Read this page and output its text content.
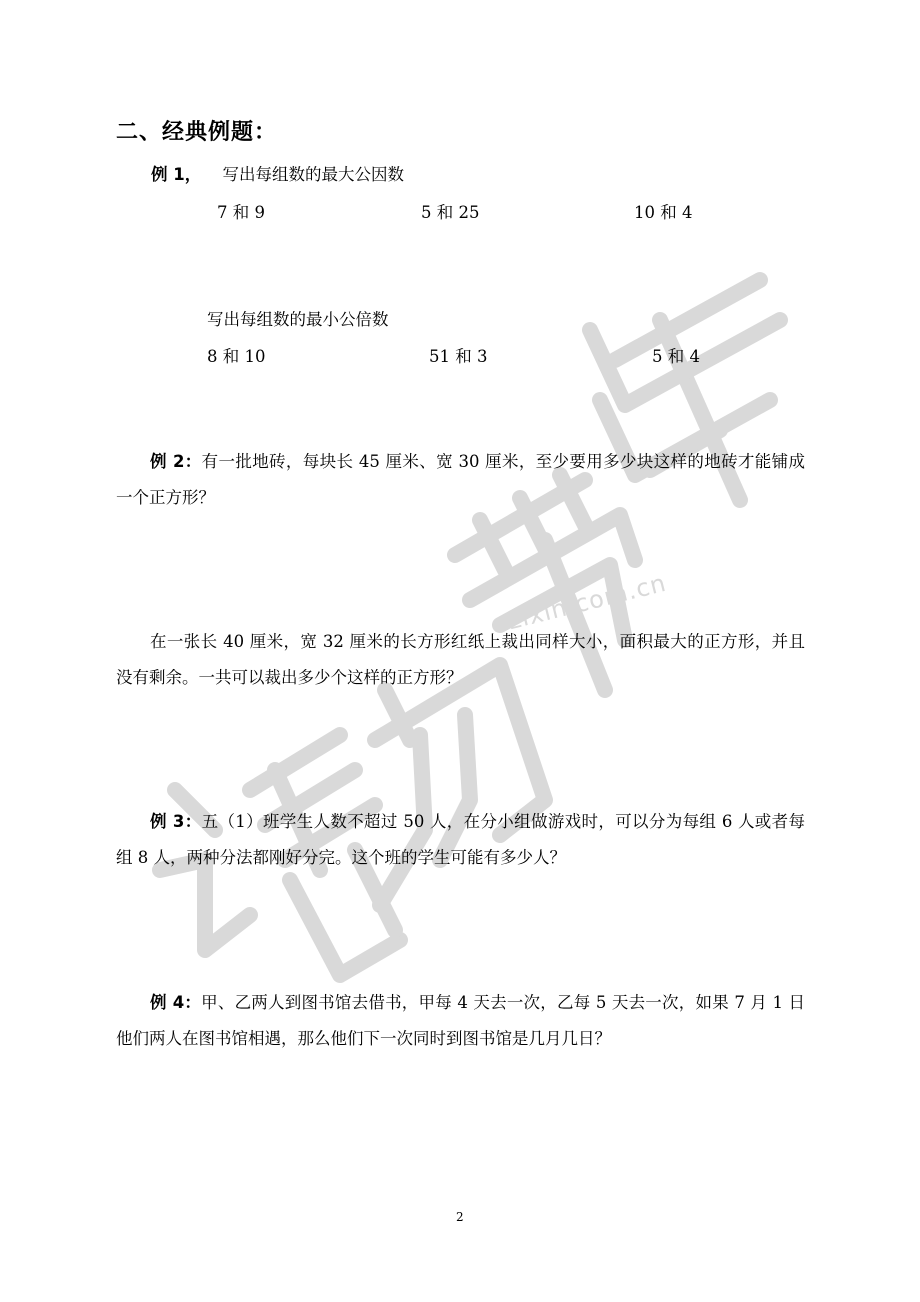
zixin.com.cn
二、经典例题：
例 1， 写出每组数的最大公因数
7 和 9	5 和 25	10 和 4
写出每组数的最小公倍数
8 和 10	51 和 3	5 和 4
例 2：有一批地砖，每块长 45 厘米、宽 30 厘米，至少要用多少块这样的地砖才能铺成一个正方形？
在一张长 40 厘米，宽 32 厘米的长方形红纸上裁出同样大小，面积最大的正方形，并且没有剩余。一共可以裁出多少个这样的正方形？
例 3：五（1）班学生人数不超过 50 人，在分小组做游戏时，可以分为每组 6 人或者每组 8 人，两种分法都刚好分完。这个班的学生可能有多少人？
例 4：甲、乙两人到图书馆去借书，甲每 4 天去一次，乙每 5 天去一次，如果 7 月 1 日他们两人在图书馆相遇，那么他们下一次同时到图书馆是几月几日？
2
